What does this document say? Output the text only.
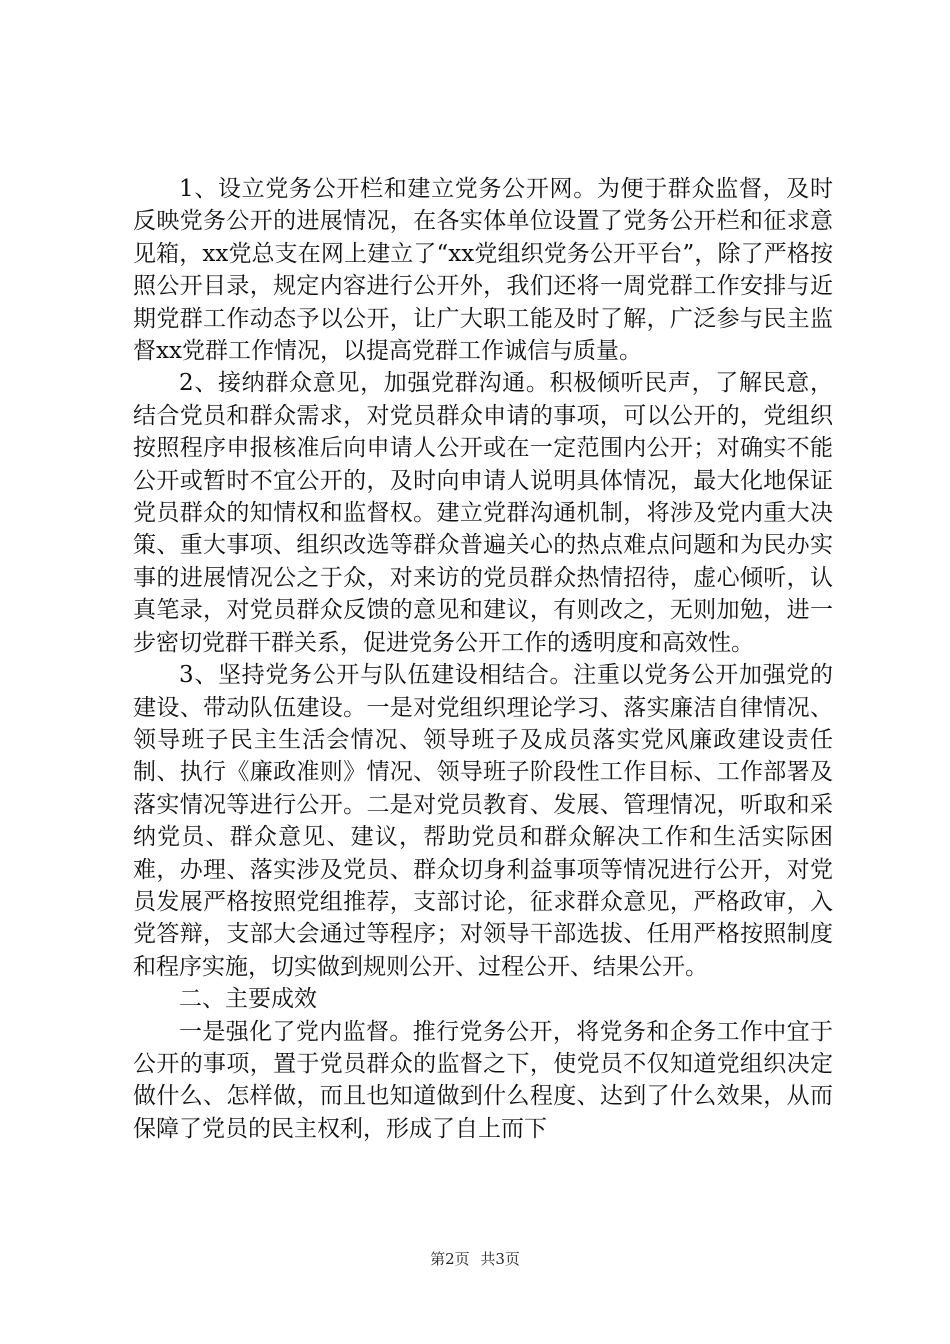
1、设立党务公开栏和建立党务公开网。为便于群众监督，及时反映党务公开的进展情况，在各实体单位设置了党务公开栏和征求意见箱，xx党总支在网上建立了“xx党组织党务公开平台”，除了严格按照公开目录，规定内容进行公开外，我们还将一周党群工作安排与近期党群工作动态予以公开，让广大职工能及时了解，广泛参与民主监督xx党群工作情况，以提高党群工作诚信与质量。

2、接纳群众意见，加强党群沟通。积极倾听民声，了解民意，结合党员和群众需求，对党员群众申请的事项，可以公开的，党组织按照程序申报核准后向申请人公开或在一定范围内公开；对确实不能公开或暂时不宜公开的，及时向申请人说明具体情况，最大化地保证党员群众的知情权和监督权。建立党群沟通机制，将涉及党内重大决策、重大事项、组织改选等群众普遍关心的热点难点问题和为民办实事的进展情况公之于众，对来访的党员群众热情招待，虚心倾听，认真笔录，对党员群众反馈的意见和建议，有则改之，无则加勉，进一步密切党群干群关系，促进党务公开工作的透明度和高效性。

3、坚持党务公开与队伍建设相结合。注重以党务公开加强党的建设、带动队伍建设。一是对党组织理论学习、落实廉洁自律情况、领导班子民主生活会情况、领导班子及成员落实党风廉政建设责任制、执行《廉政准则》情况、领导班子阶段性工作目标、工作部署及落实情况等进行公开。二是对党员教育、发展、管理情况，听取和采纳党员、群众意见、建议，帮助党员和群众解决工作和生活实际困难，办理、落实涉及党员、群众切身利益事项等情况进行公开，对党员发展严格按照党组推荐，支部讨论，征求群众意见，严格政审，入党答辩，支部大会通过等程序；对领导干部选拔、任用严格按照制度和程序实施，切实做到规则公开、过程公开、结果公开。

二、主要成效

一是强化了党内监督。推行党务公开，将党务和企务工作中宜于公开的事项，置于党员群众的监督之下，使党员不仅知道党组织决定做什么、怎样做，而且也知道做到什么程度、达到了什么效果，从而保障了党员的民主权利，形成了自上而下

第2页 共3页
